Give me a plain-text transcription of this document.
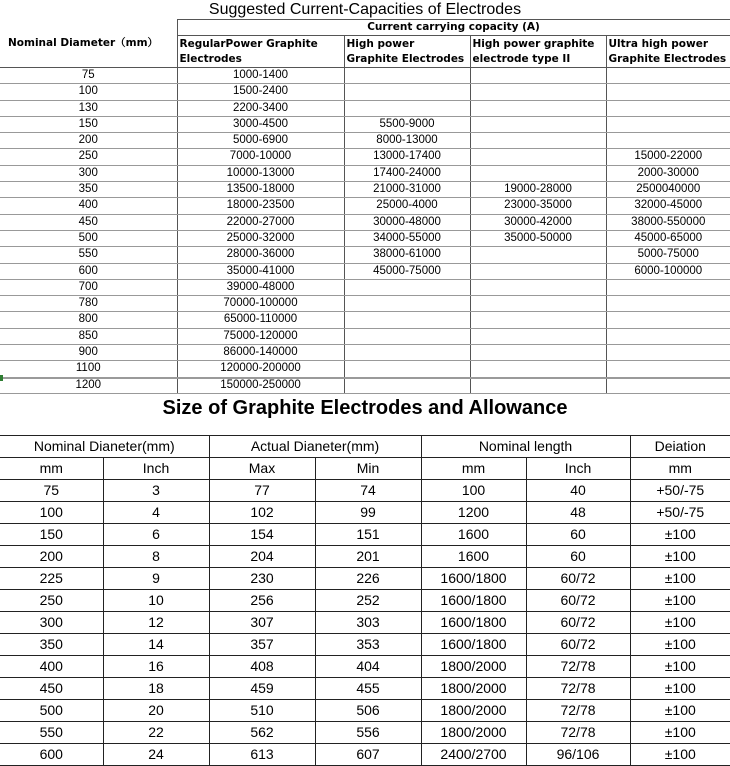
Suggested Current-Capacities of Electrodes
Nominal Diameter（mm）	Current carrying copacity (A)			
	RegularPower Graphite Electrodes	High power Graphite Electrodes	High power graphite electrode type II	Ultra high power Graphite Electrodes
75	1000-1400			
100	1500-2400			
130	2200-3400			
150	3000-4500	5500-9000		
200	5000-6900	8000-13000		
250	7000-10000	13000-17400		15000-22000
300	10000-13000	17400-24000		2000-30000
350	13500-18000	21000-31000	19000-28000	2500040000
400	18000-23500	25000-4000	23000-35000	32000-45000
450	22000-27000	30000-48000	30000-42000	38000-550000
500	25000-32000	34000-55000	35000-50000	45000-65000
550	28000-36000	38000-61000		5000-75000
600	35000-41000	45000-75000		6000-100000
700	39000-48000			
780	70000-100000			
800	65000-110000			
850	75000-120000			
900	86000-140000			
1100	120000-200000			
1200	150000-250000			
Size of Graphite Electrodes and Allowance
Nominal Dianeter(mm)		Actual Dianeter(mm)		Nominal length		Deiation
mm	Inch	Max	Min	mm	Inch	mm
75	3	77	74	100	40	+50/-75
100	4	102	99	1200	48	+50/-75
150	6	154	151	1600	60	±100
200	8	204	201	1600	60	±100
225	9	230	226	1600/1800	60/72	±100
250	10	256	252	1600/1800	60/72	±100
300	12	307	303	1600/1800	60/72	±100
350	14	357	353	1600/1800	60/72	±100
400	16	408	404	1800/2000	72/78	±100
450	18	459	455	1800/2000	72/78	±100
500	20	510	506	1800/2000	72/78	±100
550	22	562	556	1800/2000	72/78	±100
600	24	613	607	2400/2700	96/106	±100
